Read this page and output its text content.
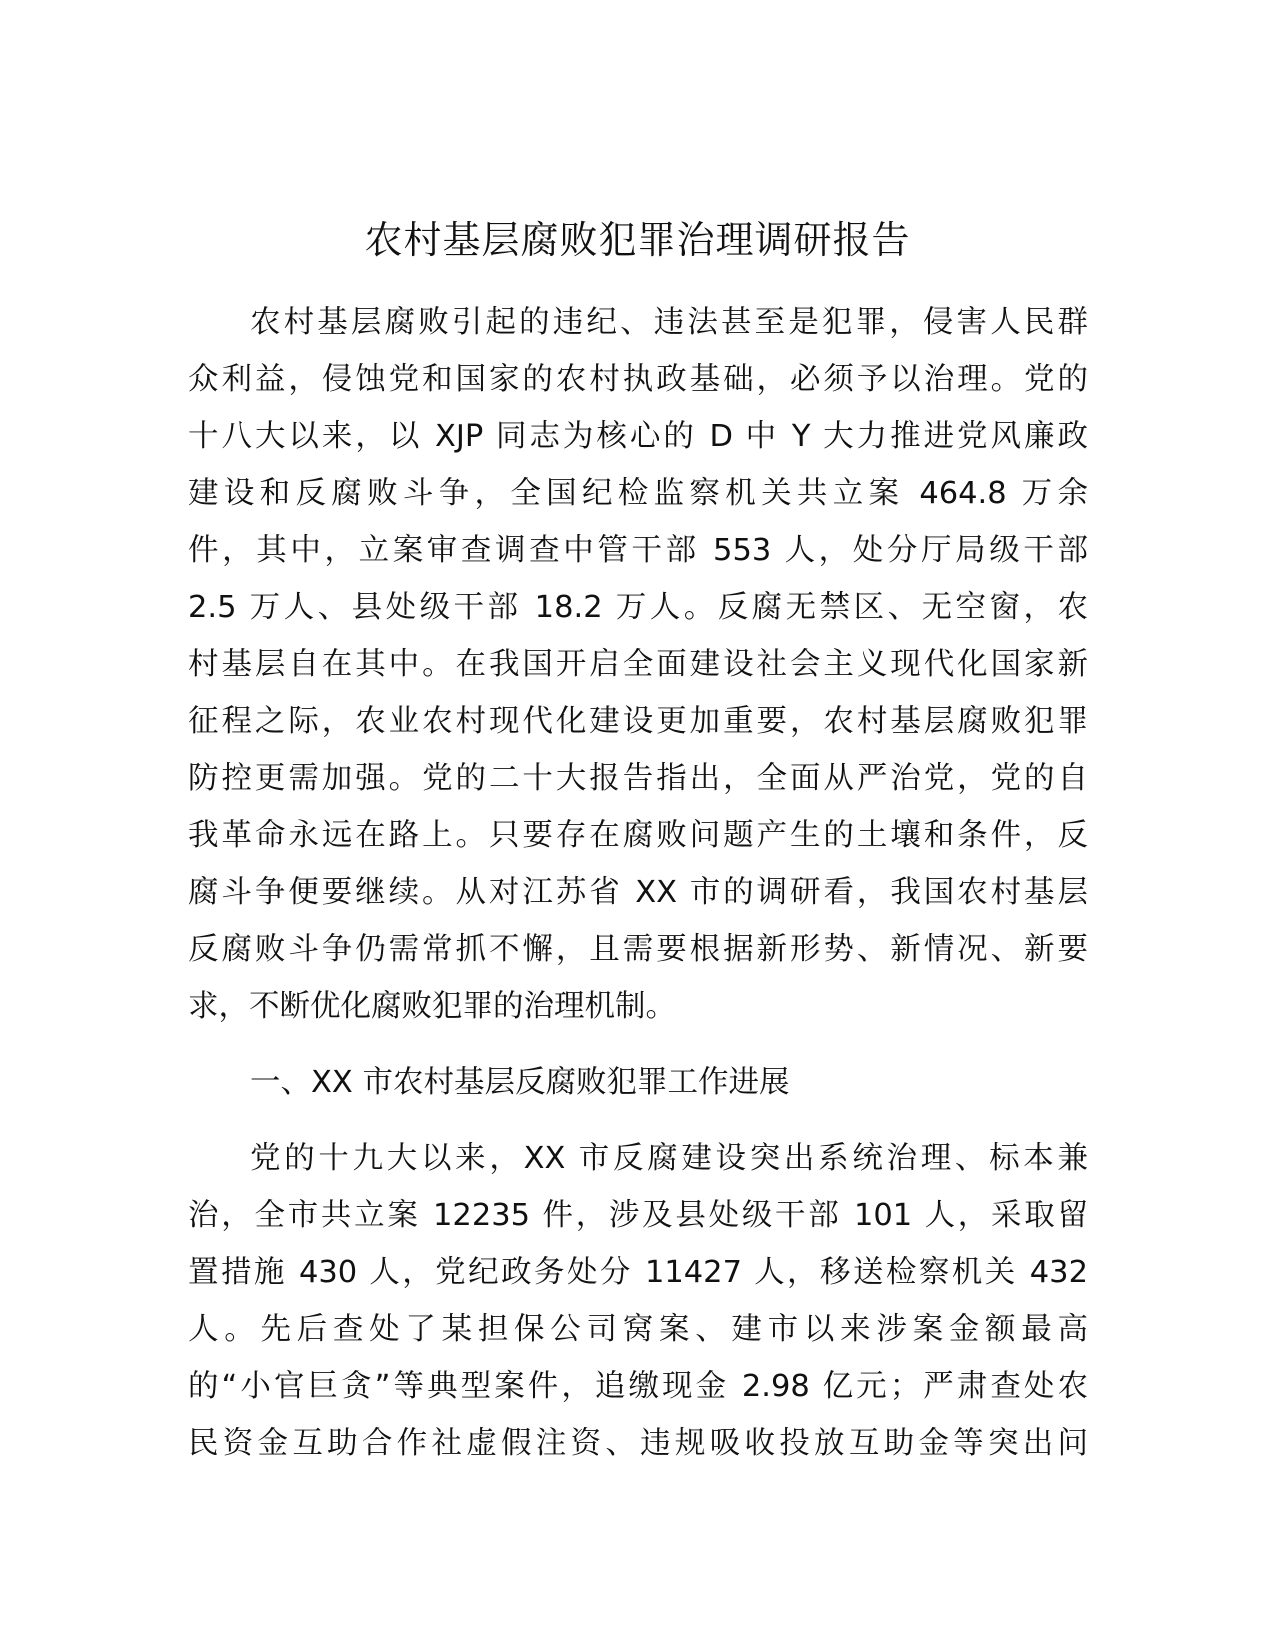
农村基层腐败犯罪治理调研报告

农村基层腐败引起的违纪、违法甚至是犯罪，侵害人民群

众利益，侵蚀党和国家的农村执政基础，必须予以治理。党的

十八大以来，以 XJP 同志为核心的 D 中 Y 大力推进党风廉政

建设和反腐败斗争，全国纪检监察机关共立案 464.8 万余

件，其中，立案审查调查中管干部 553 人，处分厅局级干部

2.5 万人、县处级干部 18.2 万人。反腐无禁区、无空窗，农

村基层自在其中。在我国开启全面建设社会主义现代化国家新

征程之际，农业农村现代化建设更加重要，农村基层腐败犯罪

防控更需加强。党的二十大报告指出，全面从严治党，党的自

我革命永远在路上。只要存在腐败问题产生的土壤和条件，反

腐斗争便要继续。从对江苏省 XX 市的调研看，我国农村基层

反腐败斗争仍需常抓不懈，且需要根据新形势、新情况、新要

求，不断优化腐败犯罪的治理机制。

一、XX 市农村基层反腐败犯罪工作进展

党的十九大以来，XX 市反腐建设突出系统治理、标本兼

治，全市共立案 12235 件，涉及县处级干部 101 人，采取留

置措施 430 人，党纪政务处分 11427 人，移送检察机关 432

人。先后查处了某担保公司窝案、建市以来涉案金额最高

的“小官巨贪”等典型案件，追缴现金 2.98 亿元；严肃查处农

民资金互助合作社虚假注资、违规吸收投放互助金等突出问
